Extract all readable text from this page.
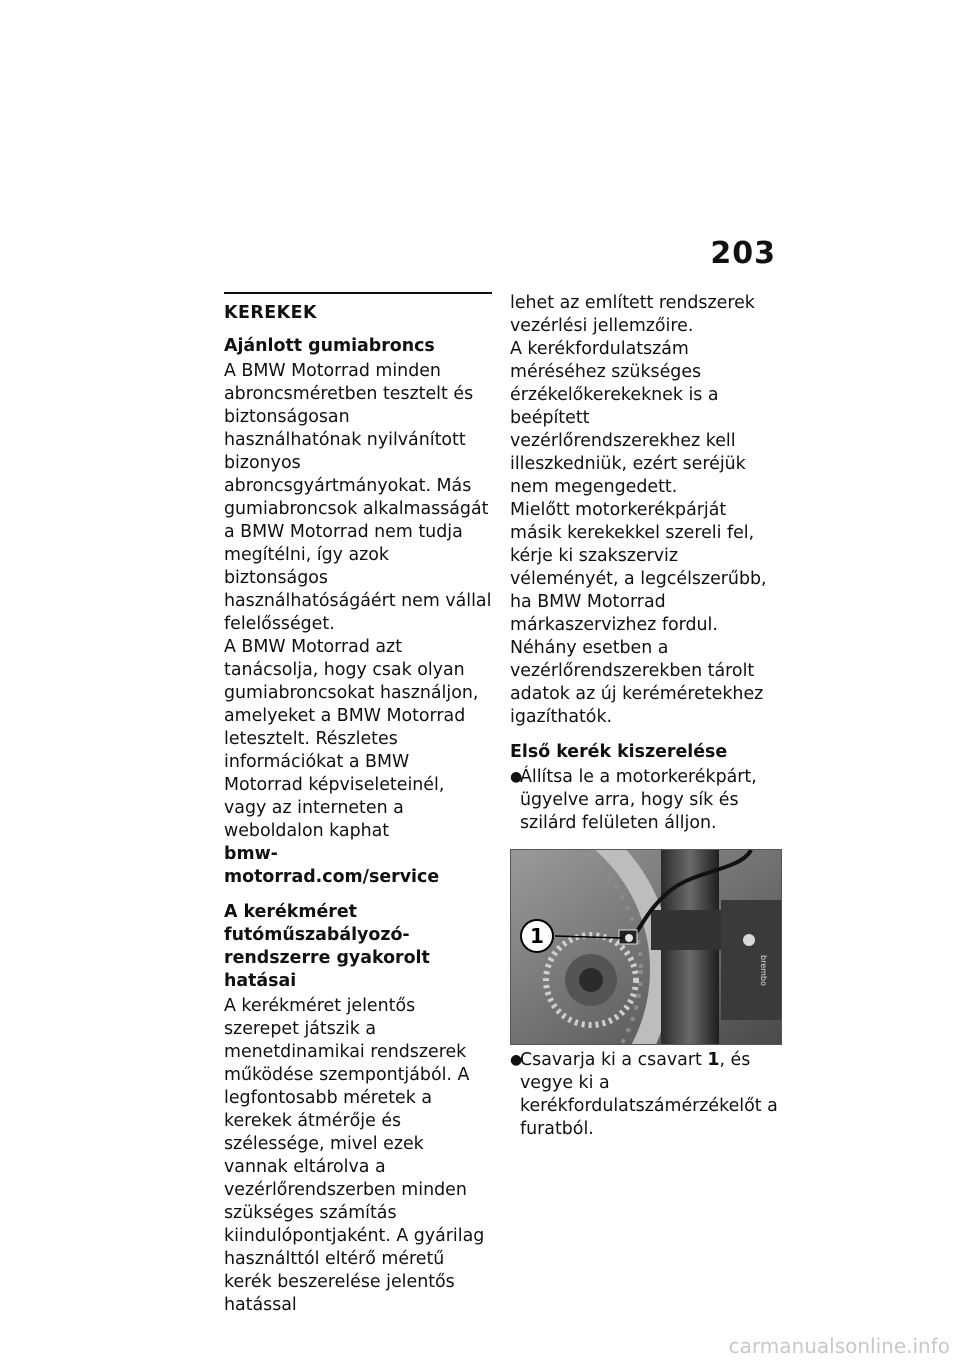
203

KEREKEK

Ajánlott gumiabroncs

A BMW Motorrad minden abroncsméretben tesztelt és biztonságosan használhatónak nyilvánított bizonyos abroncsgyártmányokat. Más gumiabroncsok alkalmasságát a BMW Motorrad nem tudja megítélni, így azok biztonságos használhatóságáért nem vállal felelősséget.

A BMW Motorrad azt tanácsolja, hogy csak olyan gumiabroncsokat használjon, amelyeket a BMW Motorrad letesztelt. Részletes információkat a BMW Motorrad képviseleteinél, vagy az interneten a weboldalon kaphat

bmw-motorrad.com/service

A kerékméret futóműszabályozó-rendszerre gyakorolt hatásai

A kerékméret jelentős szerepet játszik a menetdinamikai rendszerek működése szempontjából. A legfontosabb méretek a kerekek átmérője és szélessége, mivel ezek vannak eltárolva a vezérlőrendszerben minden szükséges számítás kiindulópontjaként. A gyárilag használttól eltérő méretű kerék beszerelése jelentős hatással

lehet az említett rendszerek vezérlési jellemzőire.

A kerékfordulatszám méréséhez szükséges érzékelőkerekeknek is a beépített vezérlőrendszerekhez kell illeszkedniük, ezért seréjük nem megengedett.

Mielőtt motorkerékpárját másik kerekekkel szereli fel, kérje ki szakszerviz véleményét, a legcélszerűbb, ha BMW Motorrad márkaszervizhez fordul. Néhány esetben a vezérlőrendszerekben tárolt adatok az új keréméretekhez igazíthatók.

Első kerék kiszerelése

●
Állítsa le a motorkerékpárt, ügyelve arra, hogy sík és szilárd felületen álljon.

brembo
1

●
Csavarja ki a csavart 1, és vegye ki a kerékfordulatszámérzékelőt a furatból.

carmanualsonline.info
